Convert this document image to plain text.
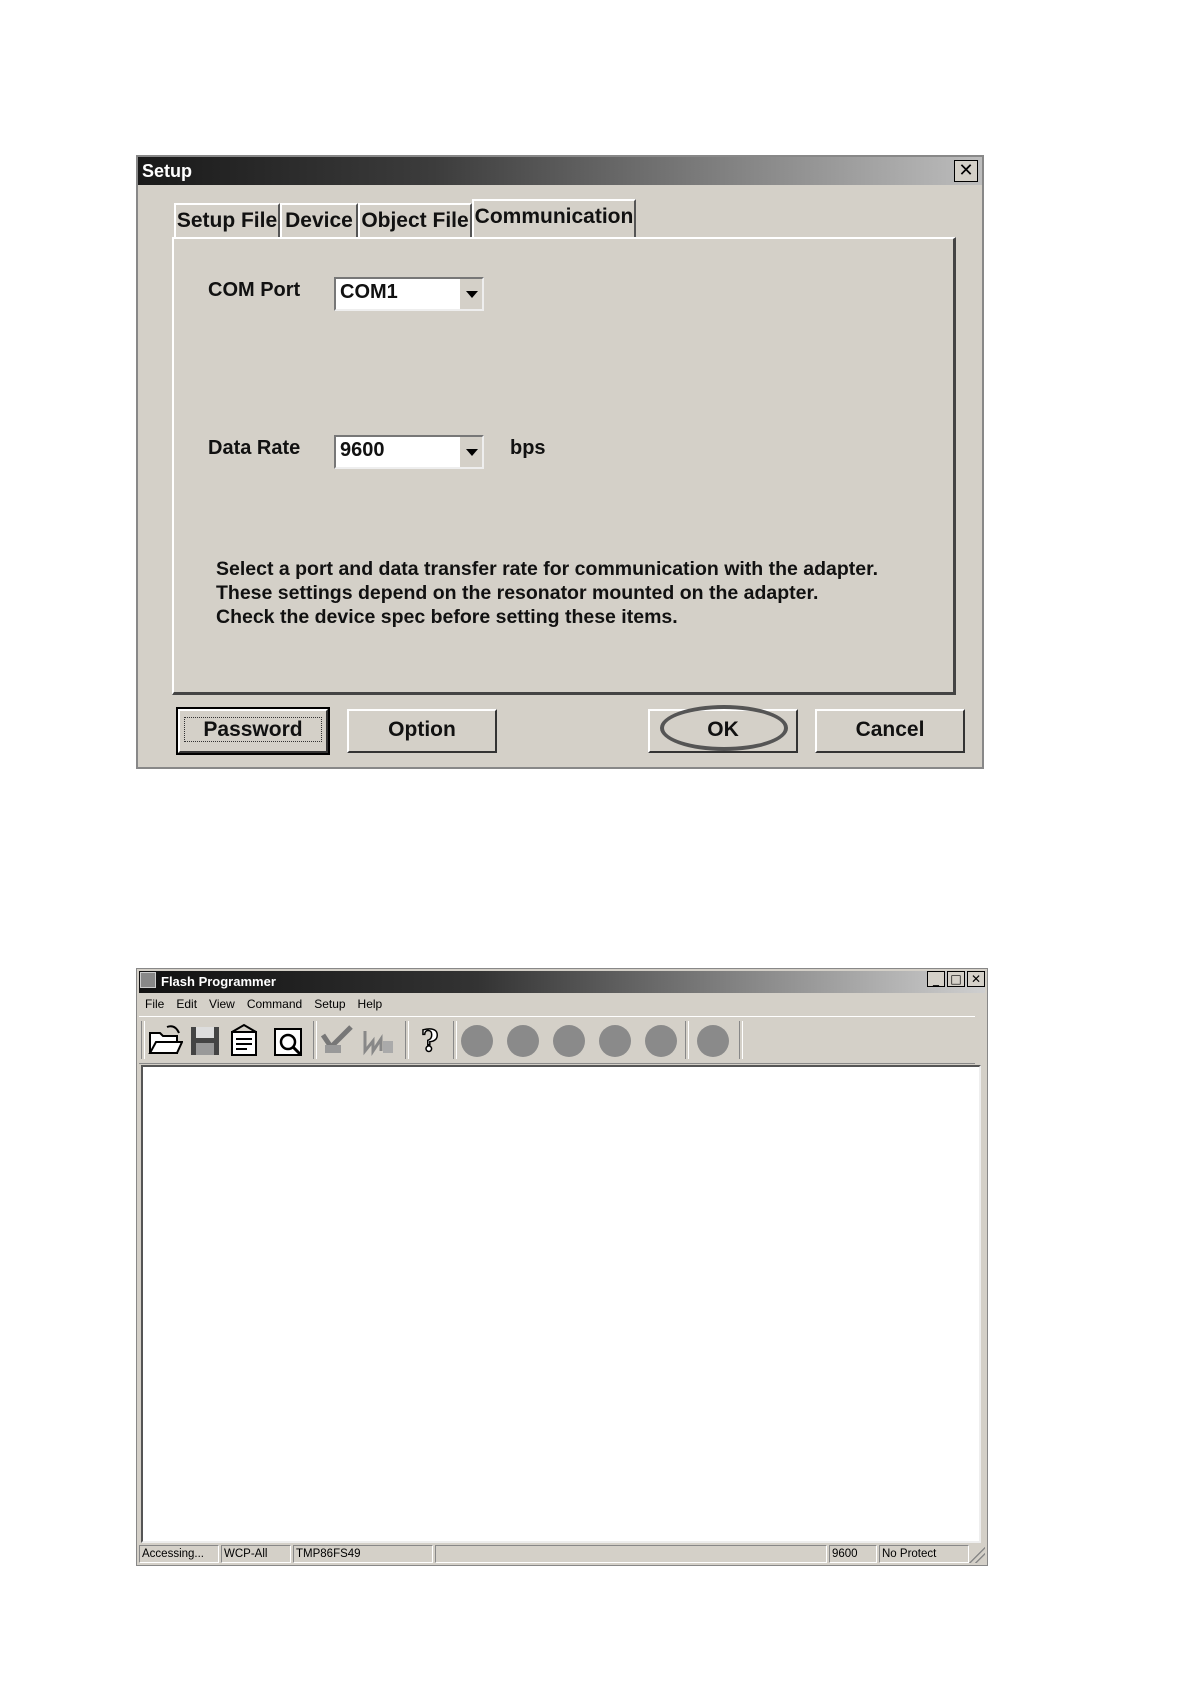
Setup	✕
Setup File Device Object File Communication
COM Port COM1
Data Rate 9600	bps
Select a port and data transfer rate for communication with the adapter.
These settings depend on the resonator mounted on the adapter.
Check the device spec before setting these items.
Password	Option	OK	Cancel
Flash Programmer	_ □ ✕
File	Edit	View	Command	Setup	Help
?
Accessing...	WCP-All	TMP86FS49	9600	No Protect
